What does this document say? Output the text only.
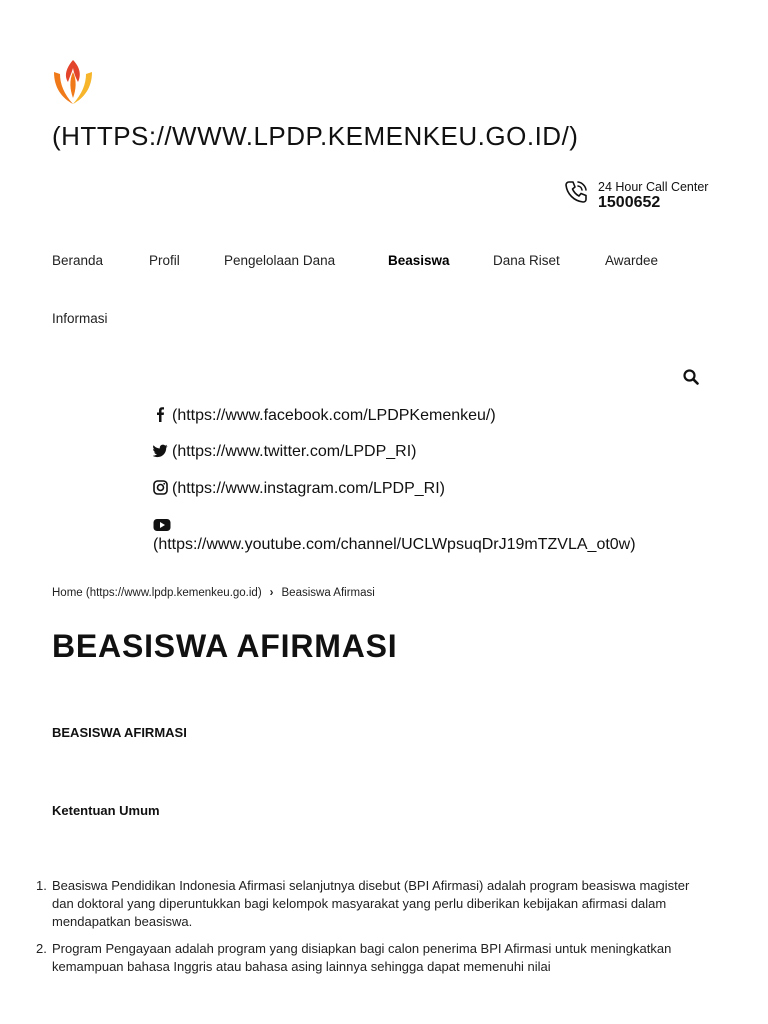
(HTTPS://WWW.LPDP.KEMENKEU.GO.ID/)
24 Hour Call Center
1500652
Beranda	Profil	Pengelolaan Dana	Beasiswa	Dana Riset	Awardee
Informasi
(https://www.facebook.com/LPDPKemenkeu/)
(https://www.twitter.com/LPDP_RI)
(https://www.instagram.com/LPDP_RI)
(https://www.youtube.com/channel/UCLWpsuqDrJ19mTZVLA_ot0w)
Home (https://www.lpdp.kemenkeu.go.id) › Beasiswa Afirmasi
BEASISWA AFIRMASI
BEASISWA AFIRMASI
Ketentuan Umum
1. Beasiswa Pendidikan Indonesia Afirmasi selanjutnya disebut (BPI Afirmasi) adalah program beasiswa magister dan doktoral yang diperuntukkan bagi kelompok masyarakat yang perlu diberikan kebijakan afirmasi dalam mendapatkan beasiswa.
2. Program Pengayaan adalah program yang disiapkan bagi calon penerima BPI Afirmasi untuk meningkatkan kemampuan bahasa Inggris atau bahasa asing lainnya sehingga dapat memenuhi nilai
